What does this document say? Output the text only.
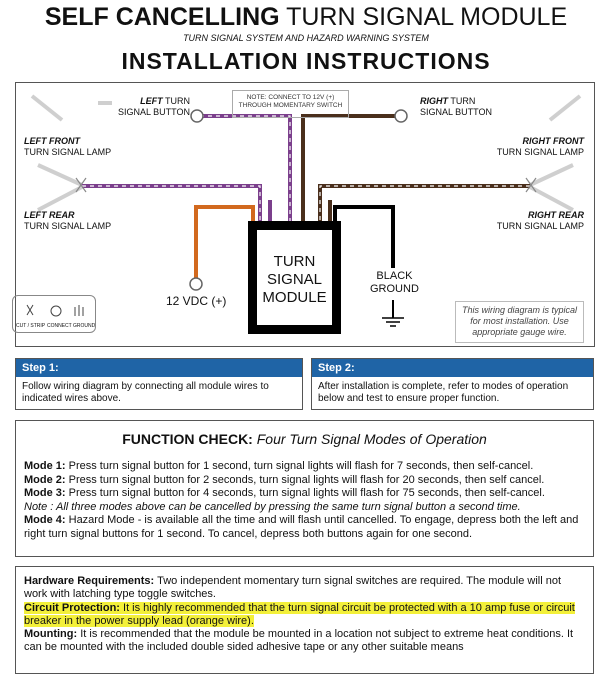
SELF CANCELLING TURN SIGNAL MODULE
TURN SIGNAL SYSTEM AND HAZARD WARNING SYSTEM
INSTALLATION INSTRUCTIONS
LEFT TURN
SIGNAL BUTTON
RIGHT TURN
SIGNAL BUTTON
LEFT FRONT
TURN SIGNAL LAMP
LEFT REAR
TURN SIGNAL LAMP
RIGHT FRONT
TURN SIGNAL LAMP
RIGHT REAR
TURN SIGNAL LAMP
NOTE: CONNECT TO 12V (+)
THROUGH MOMENTARY SWITCH
TURN
SIGNAL
MODULE
12 VDC (+)
BLACK
GROUND
This wiring diagram is typical for most installation. Use appropriate gauge wire.
CUT / STRIP CONNECT GROUND
Step 1:
Follow wiring diagram by connecting all module wires to indicated wires above.
Step 2:
After installation is complete, refer to modes of operation below and test to ensure proper function.
FUNCTION CHECK: Four Turn Signal Modes of Operation
Mode 1: Press turn signal button for 1 second, turn signal lights will flash for 7 seconds, then self-cancel.
Mode 2: Press turn signal button for 2 seconds, turn signal lights will flash for 20 seconds, then self cancel.
Mode 3: Press turn signal button for 4 seconds, turn signal lights will flash for 75 seconds, then self-cancel.
Note : All three modes above can be cancelled by pressing the same turn signal button a second time.
Mode 4: Hazard Mode - is available all the time and will flash until cancelled. To engage, depress both the left and right turn signal buttons for 1 second. To cancel, depress both buttons again for one second.
Hardware Requirements: Two independent momentary turn signal switches are required. The module will not work with latching type toggle switches.
Circuit Protection: It is highly recommended that the turn signal circuit be protected with a 10 amp fuse or circuit breaker in the power supply lead (orange wire).
Mounting: It is recommended that the module be mounted in a location not subject to extreme heat conditions. It can be mounted with the included double sided adhesive tape or any other suitable means
